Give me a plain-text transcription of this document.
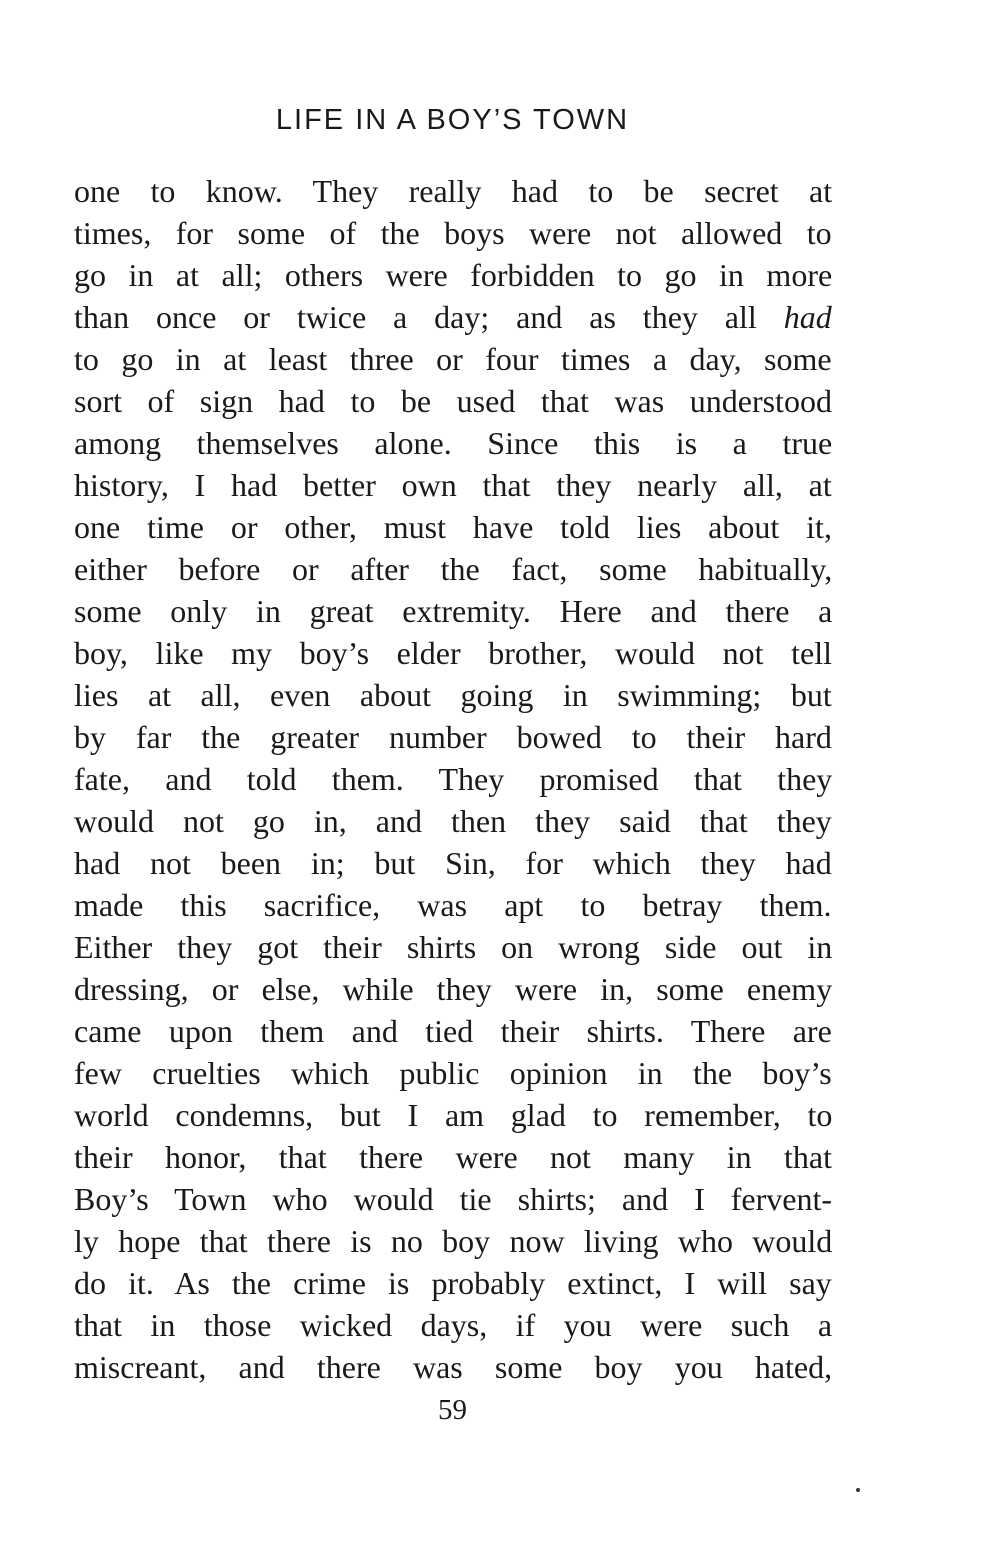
LIFE IN A BOY’S TOWN
one to know. They really had to be secret at
times, for some of the boys were not allowed to
go in at all; others were forbidden to go in more
than once or twice a day; and as they all had
to go in at least three or four times a day, some
sort of sign had to be used that was understood
among themselves alone. Since this is a true
history, I had better own that they nearly all, at
one time or other, must have told lies about it,
either before or after the fact, some habitually,
some only in great extremity. Here and there a
boy, like my boy’s elder brother, would not tell
lies at all, even about going in swimming; but
by far the greater number bowed to their hard
fate, and told them. They promised that they
would not go in, and then they said that they
had not been in; but Sin, for which they had
made this sacrifice, was apt to betray them.
Either they got their shirts on wrong side out in
dressing, or else, while they were in, some enemy
came upon them and tied their shirts. There are
few cruelties which public opinion in the boy’s
world condemns, but I am glad to remember, to
their honor, that there were not many in that
Boy’s Town who would tie shirts; and I fervent-
ly hope that there is no boy now living who would
do it. As the crime is probably extinct, I will say
that in those wicked days, if you were such a
miscreant, and there was some boy you hated,
59
